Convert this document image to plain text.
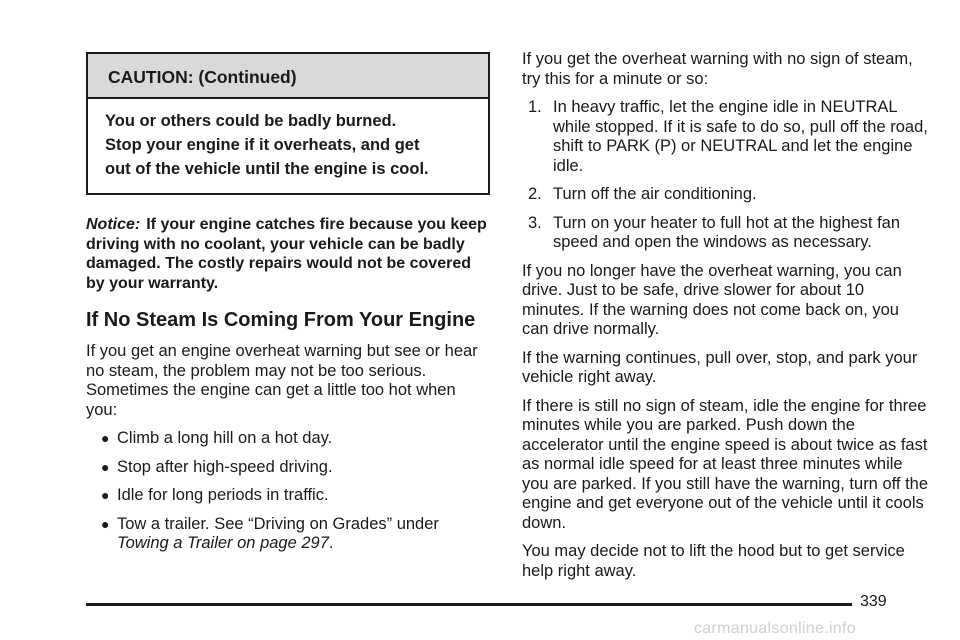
CAUTION: (Continued)
You or others could be badly burned.
Stop your engine if it overheats, and get
out of the vehicle until the engine is cool.
Notice: If your engine catches fire because you keep driving with no coolant, your vehicle can be badly damaged. The costly repairs would not be covered by your warranty.
If No Steam Is Coming From Your Engine

If you get an engine overheat warning but see or hear no steam, the problem may not be too serious. Sometimes the engine can get a little too hot when you:

● Climb a long hill on a hot day.
● Stop after high-speed driving.
● Idle for long periods in traffic.
● Tow a trailer. See “Driving on Grades” under
Towing a Trailer on page 297.

If you get the overheat warning with no sign of steam, try this for a minute or so:

1. In heavy traffic, let the engine idle in NEUTRAL while stopped. If it is safe to do so, pull off the road, shift to PARK (P) or NEUTRAL and let the engine idle.
2. Turn off the air conditioning.
3. Turn on your heater to full hot at the highest fan speed and open the windows as necessary.

If you no longer have the overheat warning, you can drive. Just to be safe, drive slower for about 10 minutes. If the warning does not come back on, you can drive normally.

If the warning continues, pull over, stop, and park your vehicle right away.

If there is still no sign of steam, idle the engine for three minutes while you are parked. Push down the accelerator until the engine speed is about twice as fast as normal idle speed for at least three minutes while you are parked. If you still have the warning, turn off the engine and get everyone out of the vehicle until it cools down.

You may decide not to lift the hood but to get service help right away.

339
carmanualsonline.info
